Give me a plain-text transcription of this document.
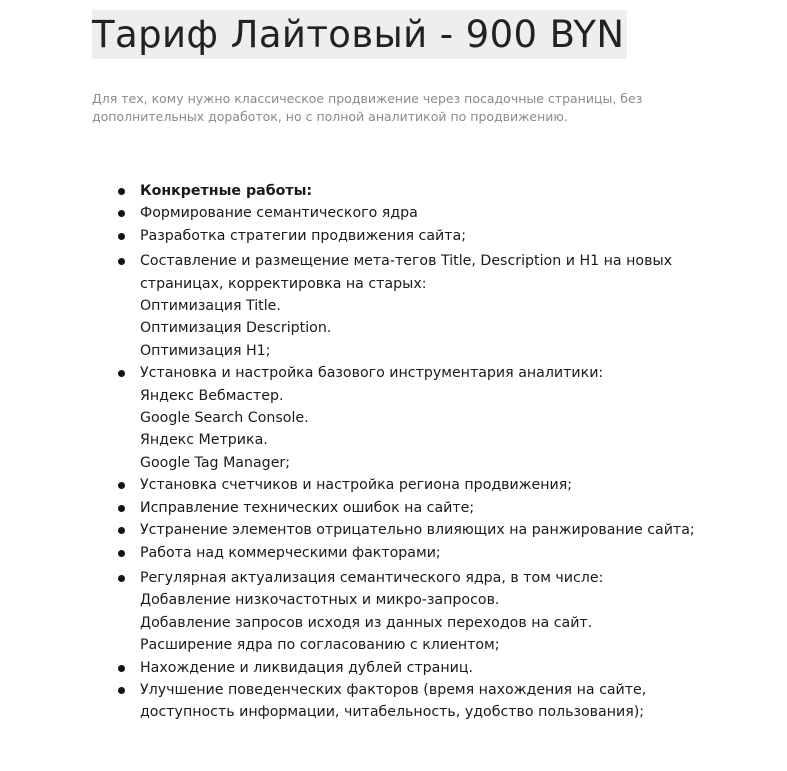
Тариф Лайтовый - 900 BYN

Для тех, кому нужно классическое продвижение через посадочные страницы, без дополнительных доработок, но с полной аналитикой по продвижению.

Конкретные работы:
Формирование семантического ядра
Разработка стратегии продвижения сайта;
Составление и размещение мета-тегов Title, Description и H1 на новых страницах, корректировка на старых:
Оптимизация Title.
Оптимизация Description.
Оптимизация H1;
Установка и настройка базового инструментария аналитики:
Яндекс Вебмастер.
Google Search Console.
Яндекс Метрика.
Google Tag Manager;
Установка счетчиков и настройка региона продвижения;
Исправление технических ошибок на сайте;
Устранение элементов отрицательно влияющих на ранжирование сайта;
Работа над коммерческими факторами;
Регулярная актуализация семантического ядра, в том числе:
Добавление низкочастотных и микро-запросов.
Добавление запросов исходя из данных переходов на сайт.
Расширение ядра по согласованию с клиентом;
Нахождение и ликвидация дублей страниц.
Улучшение поведенческих факторов (время нахождения на сайте, доступность информации, читабельность, удобство пользования);
